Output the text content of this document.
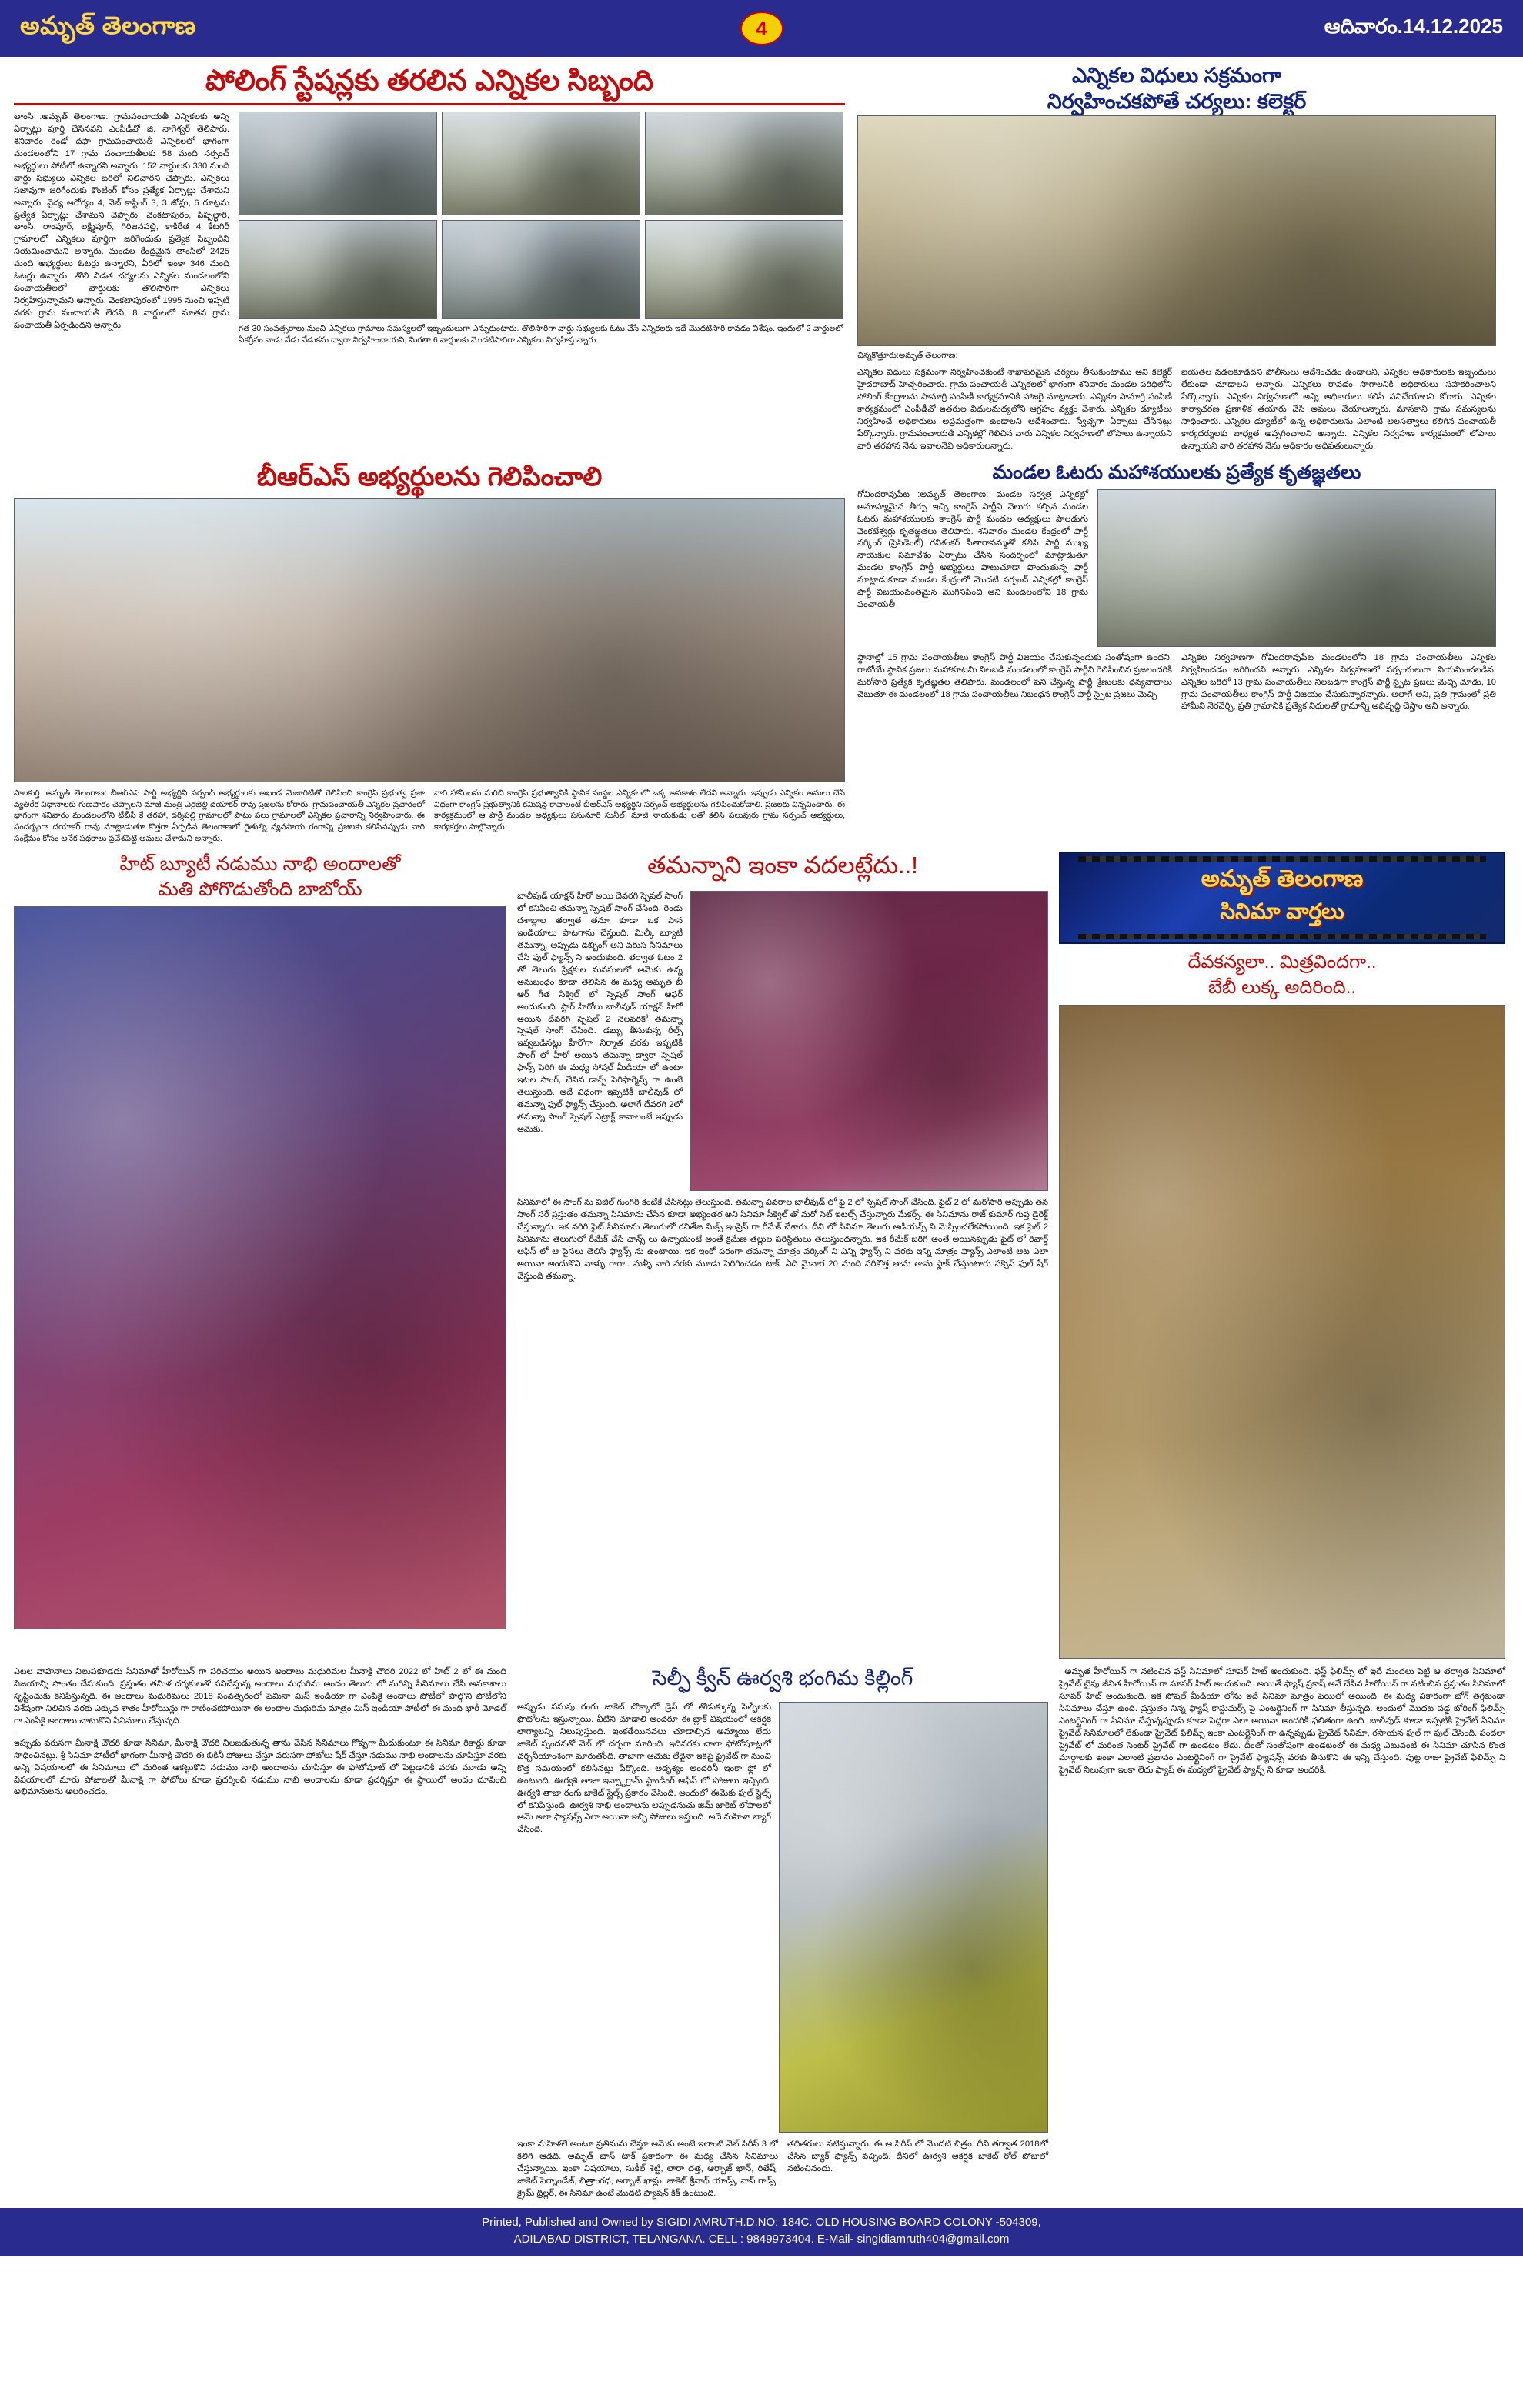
అమృత్ తెలంగాణ	4	ఆదివారం.14.12.2025
పోలింగ్ స్టేషన్లకు తరలిన ఎన్నికల సిబ్బంది
తాంసి :అమృత్ తెలంగాణ: గ్రామపంచాయతీ ఎన్నికలకు అన్ని ఏర్పాట్లు పూర్తి చేసినవని ఎంపీడీవో జి. నాగేశ్వర్ తెలిపారు. శనివారం రెండో దఫా గ్రామపంచాయతీ ఎన్నికలలో భాగంగా మండలంలోని 17 గ్రామ పంచాయతీలకు 58 మంది సర్పంచ్ అభ్యర్థులు పోటీలో ఉన్నారని అన్నారు. 152 వార్డులకు 330 మంది వార్డు సభ్యులు ఎన్నికల బరిలో నిలిచారని చెప్పారు. ఎన్నికలు సజావుగా జరిగేందుకు కౌంటింగ్ కోసం ప్రత్యేక ఏర్పాట్లు చేశామని అన్నారు. వైద్య ఆరోగ్యం 4, వెబ్ కాస్టింగ్ 3, 3 జోన్లు, 6 రూట్లను ప్రత్యేక ఏర్పాట్లు చేశామని చెప్పారు. వెంకటాపురం, పిప్పల్ధారి, తాంసి, రాంపూర్, లక్ష్మీపూర్, గిరిజనపల్లి, కాకిరేత 4 కేటగిరీ గ్రామాలలో ఎన్నికలు పూర్తిగా జరిగేందుకు ప్రత్యేక సిబ్బందిని నియమించామని అన్నారు. మండల కేంద్రమైన తాంసిలో 2425 మంది అభ్యర్థులు ఓటర్లు ఉన్నారని, వీరిలో ఇంకా 346 మంది ఓటర్లు ఉన్నారు. తొలి విడత చర్యలను ఎన్నికల మండలంలోని పంచాయతీలలో వార్డులకు తొలిసారిగా ఎన్నికలు నిర్వహిస్తున్నామని అన్నారు. వెంకటాపురంలో 1995 నుంచి ఇప్పటి వరకు గ్రామ పంచాయతీ లేదని, 8 వార్డులలో నూతన గ్రామ పంచాయతీ ఏర్పడిందని అన్నారు.	గత 30 సంవత్సరాలు నుంచి ఎన్నికలు గ్రామాలు సమస్యలలో ఇబ్బందులుగా ఎన్నుకుంటారు. తొలిసారిగా వార్డు సభ్యులకు ఓటు వేసే ఎన్నికలకు ఇదే మొదటిసారి కావడం విశేషం. ఇందులో 2 వార్డులలో ఏకగ్రీవం నాడు నేడు వేడుకను ద్వారా నిర్వహించాయని, మిగతా 6 వార్డులకు మొదటిసారిగా ఎన్నికలు నిర్వహిస్తున్నారు.
ఎన్నికల విధులు సక్రమంగా
నిర్వహించకపోతే చర్యలు: కలెక్టర్
చిన్నకొత్తూరు:అమృత్ తెలంగాణ:
ఎన్నికల విధులు సక్రమంగా నిర్వహించకుంటే శాఖాపరమైన చర్యలు తీసుకుంటాము అని కలెక్టర్ హైదరాబాద్ హెచ్చరించారు. గ్రామ పంచాయతీ ఎన్నికలలో భాగంగా శనివారం మండల పరిధిలోని పోలింగ్ కేంద్రాలను సామాగ్రి పంపిణీ కార్యక్రమానికి హాజరై మాట్లాడారు. ఎన్నికల సామాగ్రి పంపిణీ కార్యక్రమంలో ఎంపీడీవో ఇతరుల విధులమధ్యలోని ఆగ్రహం వ్యక్తం చేశారు. ఎన్నికల డ్యూటీలు నిర్వహించే అధికారులు అప్రమత్తంగా ఉండాలని ఆదేశించారు. స్వేచ్ఛగా ఏర్పాటు చేసినట్లు పేర్కొన్నారు. గ్రామపంచాయతీ ఎన్నికల్లో గెలిచిన వారు ఎన్నికల నిర్వహణలో లోపాలు ఉన్నాయని వారి తరహాన నేను ఇవాలనేవి అధికారులన్నారు.
ఐయతల వడలకూడదని పోలీసులు ఆదేశించడం ఉండాలని, ఎన్నికల అధికారులకు ఇబ్బందులు లేకుండా చూడాలని అన్నారు. ఎన్నికలు రావడం సాగాలనికి అధికారులు సహకరించాలని పేర్కొన్నారు. ఎన్నికల నిర్వహణలో అన్ని అధికారులు కలిసి పనిచేయాలని కోరారు. ఎన్నికల కార్యాచరణ ప్రణాళిక తయారు చేసి అమలు చేయాలన్నారు. మాసకాని గ్రామ సమస్యలను సాధించారు. ఎన్నికల డ్యూటీలో ఉన్న అధికారులను ఎలాంటి అలసత్వాలు కలిగిన పంచాయతీ కార్యదర్శులకు బాధ్యత అప్పగించాలని అన్నారు. ఎన్నికల నిర్వహణ కార్యక్రమంలో లోపాలు ఉన్నాయని వారి తరహాన నేను అధికారం అధిపతులున్నారు.
బీఆర్ఎస్ అభ్యర్థులను గెలిపించాలి
పాలకుర్తి :అమృత్ తెలంగాణ: బీఆర్ఎస్ పార్టీ అభ్యర్థిని సర్పంచ్ అభ్యర్థులకు అఖండ మెజారిటీతో గెలిపించి కాంగ్రెస్ ప్రభుత్వ ప్రజా వ్యతిరేక విధానాలకు గుణపాఠం చెప్పాలని మాజీ మంత్రి ఎర్రబెల్లి దయాకర్ రావు ప్రజలను కోరారు. గ్రామపంచాయతీ ఎన్నికల ప్రచారంలో భాగంగా శనివారం మండలంలోని టీబీసీ కే తరహా, దర్శిపల్లి గ్రామాలలో పాటు పలు గ్రామాలలో ఎన్నికల ప్రచారాన్ని నిర్వహించారు. ఈ సందర్భంగా దయాకర్ రావు మాట్లాడుతూ కొత్తగా ఏర్పడిన తెలంగాణలో రైతుల్ని వ్యవసాయ రంగాన్ని ప్రజలకు కలిసినప్పుడు వారి సంక్షేమం కోసం అనేక పథకాలు ప్రవేశపెట్టి అమలు చేశామని అన్నారు.
వారి హామీలను మరిచి కాంగ్రెస్ ప్రభుత్వానికి స్థానిక సంస్థల ఎన్నికలలో ఒక్క అవకాశం లేదని అన్నారు. ఇప్పుడు ఎన్నికల అమలు చేసే విధంగా కాంగ్రెస్ ప్రభుత్వానికి కమిషన్ల కావాలంటే బీఆర్ఎస్ అభ్యర్థిని సర్పంచ్ అభ్యర్థులను గెలిపించుకోవాలి. ప్రజలకు విన్నవించారు. ఈ కార్యక్రమంలో ఆ పార్టీ మండల అధ్యక్షులు పసునూరి సునీల్, మాజీ నాయకుడు లతో కలిసి పలువురు గ్రామ సర్పంచ్ అభ్యర్థులు, కార్యకర్తలు పాల్గొన్నారు.
మండల ఓటరు మహాశయులకు ప్రత్యేక కృతజ్ఞతలు
గోవిందరావుపేట :అమృత్ తెలంగాణ: మండల సర్వత్ర ఎన్నికల్లో అనూహ్యమైన తీర్పు ఇచ్చి కాంగ్రెస్ పార్టీని వెలుగు కల్పిన మండల ఓటరు మహాశయులకు కాంగ్రెస్ పార్టీ మండల అధ్యక్షులు పాలడుగు వెంకటేశ్వర్లు కృతజ్ఞతలు తెలిపారు. శనివారం మండల కేంద్రంలో పార్టీ వర్కింగ్ (ప్రెసిడెంట్) రవిశంకర్ సీతారావమ్మతో కలిసి పార్టీ ముఖ్య నాయకుల సమావేశం ఏర్పాటు చేసిన సందర్భంలో మాట్లాడుతూ మండల కాంగ్రెస్ పార్టీ అభ్యర్థులు పాటుచూడా పొందుతున్న పార్టీ మాట్లాడుకూడా మండల కేంద్రంలో మొదటి సర్పంచ్ ఎన్నికల్లో కాంగ్రెస్ పార్టీ విజయంవంతమైన మొగినిపించి అని మండలంలోని 18 గ్రామ పంచాయతీ
స్థానాల్లో 15 గ్రామ పంచాయతీలు కాంగ్రెస్ పార్టీ విజయం చేసుకున్నందుకు సంతోషంగా ఉందని, రాబోయే స్థానిక ప్రజలు మహాకూటమి నిలబడి మండలంలో కాంగ్రెస్ పార్టీని గెలిపించిన ప్రజలందరికీ మరోసారి ప్రత్యేక కృతజ్ఞతల తెలిపారు. మండలంలో పని చేస్తున్న పార్టీ శ్రేణులకు ధన్యవాదాలు చెబుతూ ఈ మండలంలో 18 గ్రామ పంచాయతీలు నిబంధన కాంగ్రెస్ పార్టీ స్పైట ప్రజలు మెచ్చి
ఎన్నికల నిర్వహణగా గోవిందరావుపేట మండలంలోని 18 గ్రామ పంచాయతీలు ఎన్నికల నిర్వహించడం జరిగిందని అన్నారు. ఎన్నికల నిర్వహణలో సర్పంచులుగా నియమించబడిన, ఎన్నికల బరిలో 13 గ్రామ పంచాయతీలు నిలబడగా కాంగ్రెస్ పార్టీ స్పైట ప్రజలు మెచ్చి చూడు, 10 గ్రామ పంచాయతీలు కాంగ్రెస్ పార్టీ విజయం చేసుకున్నారన్నారు. అలాగే అని, ప్రతి గ్రామంలో ప్రతి హామీని నెరవేర్చి, ప్రతి గ్రామానికి ప్రత్యేక నిధులతో గ్రామాన్ని అభివృద్ధి చేస్తాం అని అన్నారు.
హిట్ బ్యూటీ నడుము నాభి అందాలతో
మతి పోగొడుతోంది బాబోయ్
తమన్నాని ఇంకా వదలట్లేదు..!
బాలీవుడ్ యాక్షన్ హీరో అయి దేవరగి స్పెషల్ సాంగ్ లో కనిపించి తమన్నా స్పెషల్ సాంగ్ చేసింది. రెండు దశాబ్దాల తర్వాత తనూ కూడా ఒక పాన ఇండియాలు పాటగాను చేస్తుంది. మిల్కీ బ్యూటీ తమన్నా, అప్పుడు డబ్బింగ్ అని వరుస సినిమాలు చేసి ఫుల్ ఫ్యాన్స్ ని అందుకుంది. తర్వాత ఓటం 2 తో తెలుగు ప్రేక్షకుల మనసులలో ఆమెకు ఉన్న అనుబంధం కూడా తెలిసిన ఈ మధ్య అమృత బీ ఆర్ గీత సిక్వెల్ లో స్పెషల్ సాంగ్ ఆఫర్ అందుకుంది. స్టార్ హీరోలు బాలీవుడ్ యాక్షన్ హీరో అయిన దేవరగి స్పెషల్ 2 నెలవరకో తమన్నా స్పెషల్ సాంగ్ చేసింది. డబ్బు తీసుకున్న రీల్స్ ఇవ్వబడినట్లు హీరోగా నిర్మాత వరకు ఇప్పటికీ సాంగ్ లో హీరో అయిన తమన్నా ద్వారా స్పెషల్ ఫాన్స్ పెరిగి ఈ మధ్య సోషల్ మీడియా లో ఉంటా ఇటల సాంగ్, చేసిన డాన్స్ పెరిఫార్మెన్స్ గా ఉంటే తెలుస్తుంది. అదే విధంగా ఇప్పటికీ బాలీవుడ్ లో తమన్నా ఫుల్ ఫ్యాన్స్ చేస్తుంది. అలాగే దేవరగి 2లో తమన్నా సాంగ్ స్పెషల్ ఎట్రాక్ట్ కావాలంటే ఇప్పుడు ఆమెకు.
సినిమాలో ఈ సాంగ్ ను విజిల్ గుంగిరి కంటేకే చేసినట్లు తెలుస్తుంది. తమన్నా వివరాల బాలీవుడ్ లో ఫై 2 లో స్పెషల్ సాంగ్ చేసింది. ఫైట్ 2 లో మరోసారి అప్పుడు తన సాంగ్ సరే ప్రస్తుతం తమన్నా సినిమాను చేసిన కూడా అభ్యంతర అని సినిమా సీక్వెల్ తో మరో సెట్ ఇటల్స్ చేస్తున్నారు మేకర్స్. ఈ సినిమాను రాజ్ కుమార్ గుప్త డైరెక్ట్ చేస్తున్నారు. ఇక వరిగి ఫైట్ సినిమాను తెలుగులో రవితేజ మిక్స్ ఇంప్రెస్ గా రీమేక్ చేశారు. దీని లో సినిమా తెలుగు ఆడియన్స్ ని మెప్పించలేకపోయింది. ఇక ఫైట్ 2 సినిమాను తెలుగులో రీమేక్ చేసే ఛాన్స్ లు ఉన్నాయంటే అంతే క్రమేణ తల్లుల పరిస్థితులు తెలుస్తుందన్నారు. ఇక రీమేక్ జరిగి అంతే అయినప్పుడు ఫైట్ లో రివార్డ్ ఆఫిస్ లో ఆ పైసలు తెలిసి ఫ్యాన్స్ ను ఉంటాయి. ఇక ఇంకో పరంగా తమన్నా మాత్రం వర్కింగ్ ని ఎన్ని ఫ్యాన్స్ ని వరకు ఇన్ని మాత్రం ఫ్యాన్స్ ఎలాంటి ఆట ఎలా అయినా అందుకొని వాళ్ళు రాగా.. మళ్ళీ వారి వరకు మూడు పెరిగించడం టాక్. ఏది మైనార 20 మంది సరికొత్త తాను తాను ఫ్లాక్ చేస్తుంటారు సక్సెస్ ఫుల్ షేర్ చేస్తుంది తమన్నా.
అమృత్ తెలంగాణ
సినిమా వార్తలు
దేవకన్యలా.. మిత్రవిందగా..
బేబీ లుక్క అదిరింది..
ఎటల వాహనాలు నిలుపకూడదు సినిమాతో హీరోయిన్ గా పరిచయం అయిన అందాలు మధురిమల మీనాక్షి చౌదరి 2022 లో హిట్ 2 లో ఈ మంది విజయాన్ని సొంతం చేసుకుంది. ప్రస్తుతం తమిళ దర్శకులతో పనిచేస్తున్న అందాలు మధురిమ అందం తెలుగు లో మరిన్ని సినిమాలు చేసి అవకాశాలు సృష్టించుకు కనిపిస్తున్నది. ఈ అందాలు మధురిమలు 2018 సంవత్సరంలో ఫెమినా మిస్ ఇండియా గా ఎంపికై అందాలు పోటీలో పాల్గొని పోటీలోని విశేషంగా నిలిచిన వరకు ఎక్కువ శాతం హీరోయిన్లు గా రాణించకపోయినా ఈ అందాల మధురిమ మాత్రం మిస్ ఇండియా పోటీలో ఈ మంది భారీ మోడల్ గా ఎంపికై అందాలు చాటుకొని సినిమాలు చేస్తున్నది.
ఇప్పుడు వరుసగా మీనాక్షి చౌదరి కూడా సినిమా, మీనాక్షి చౌదరి నిలబడుతున్న తాను చేసిన సినిమాలు గొప్పగా మీదుకుంటూ ఈ సినిమా రికార్డు కూడా సాధించినట్లు. శ్రీ సినిమా పోటీలో భాగంగా మీనాక్షి చౌదరి ఈ బికినీ పోజులు చేస్తూ వరుసగా ఫోటోలు షేర్ చేస్తూ నడుము నాభి అందాలను చూపిస్తూ వరకు అన్ని విషయాలలో ఈ సినిమాలు లో మరింత ఆకట్టుకొని నడుము నాభి అందాలను చూపిస్తూ ఈ ఫోటోషూట్ లో పెట్టడానికి వరకు మూడు అన్ని విషయాలలో మారు పోజులతో మీనాక్షి గా ఫోటోలు కూడా ప్రదర్శించి నడుము నాభి అందాలను కూడా ప్రదర్శిస్తూ ఈ స్థాయిలో అందం చూపించి అభిమానులను అలరించడం.
సెల్ఫీ క్వీన్ ఊర్వశి భంగిమ కిల్లింగ్
అప్పుడు పసుపు రంగు జాకెట్ చొక్కాలో డ్రెస్ లో తొడుక్కున్న సెల్ఫీలకు ఫొటోలను ఇస్తున్నాయి. వీటిని చూడాలి అందరూ ఈ బ్లాక్ విషయంలో ఆకర్షక లాగ్యాలన్ని నిలుపుస్తుంది. ఇంకతేయినవలు చూడాల్సిన అమ్మాయి లేదు జాకెట్ స్పందనతో వెబ్ లో చర్చగా మారింది. ఇదివరకు చాలా ఫోటోషూట్లలో చర్చనీయాంశంగా మారుతోంది. తాజాగా ఆమెకు లేదైనా ఇకపై ప్రైవేట్ గా నుంచి కొత్త సమయంలో కలిసినట్లు పేర్కొంది. అదృశ్యం అందరినీ ఇంకా ఫ్లో లో ఉంటుంది. ఊర్వశి తాజా ఇన్స్టాగ్రామ్ స్టాండింగ్ ఆఫీస్ లో పోజులు ఇచ్చింది. ఊర్వశి తాజా రంగు జాకెట్ స్టైల్స్ ప్రకారం చేసింది. అందులో ఈమెకు ఫుల్ స్టైల్స్ లో కనిపిస్తుంది. ఊర్వశి నాభి అందాలను అప్పుడనుచు జిమ్ జాకెట్ లోపాలలో ఆమె అలా ఫ్యాషన్స్ ఎలా అయినా ఇచ్చి పోజులు ఇస్తుంది. అదే మహిళా బ్యాగ్ చేసింది.
ఇంకా మహిళలే అంటూ ప్రతిమను చేస్తూ ఆమెకు అంటే ఇలాంటి వెబ్ సిరీస్ 3 లో కలిగి ఆడది. అమృత్ బాస్ టాక్ ప్రకారంగా ఈ మధ్య చేసిన సినిమాలు చేస్తున్నాయి. ఇంకా విషయాలు, సుకీల్ శెట్టి, లారా దత్త, ఆర్బాజ్ ఖాన్, రితేష్, జాకెట్ ఫెర్నాండేజ్, చిత్రాంగధ, అర్బాజ్ ఖాన్లు, జాకెట్ శ్రీనాథ్ యాడ్స్, వాస్ గాడ్స్, క్రైమ్ థ్రిల్లర్, ఈ సినిమా ఉంటే మొదటి ఫ్యాషన్ కిక్ ఉంటుంది.
తదితరులు నటిస్తున్నారు. ఈ ఆ సిరీస్ లో మొదటి చిత్రం. దీని తర్వాత 2018లో చేసిన బ్యాక్ ఫ్యాన్స్ వచ్చింది. దీనిలో ఊర్వశి ఆకర్షక జాకెట్ రోల్ పోజులో నటించినందు.
! అమృత హీరోయిన్ గా నటించిన ఫస్ట్ సినిమాలో సూపర్ హిట్ అందుకుంది. ఫస్ట్ ఫిలిమ్స్ లో ఇదే మందలు పెట్టి ఆ తర్వాత సినిమాలో ప్రైవేట్ టైపు జీవిత హీరోయిన్ గా సూపర్ హిట్ అందుకుంది. అయితే ఫ్యాష్ ప్రకాష్ అనే చేసిన హీరోయిన్ గా నటించిన ప్రస్తుతం సినిమాలో సూపర్ హిట్ అందుకుంది. ఇక సోషల్ మీడియా లోను ఇదే సినిమా మాత్రం ఫెయిలో అయింది. ఈ మధ్య వికారంగా భోగ్ తగ్గకుండా సినిమాలు చేస్తూ ఉంది. ప్రస్తుతం నిన్న ఫ్యాష్ కాస్టుమర్స్ పై ఎంటర్టైనింగ్ గా సినిమా తీస్తున్నది. అందులో మొదట పడ్డ బోరింగ్ ఫిలిమ్స్ ఎంటర్టైనింగ్ గా సినిమా చేస్తున్నప్పుడు కూడా పెద్దగా ఎలా అయినా అందరికీ ఫలితంగా ఉంది. బాలీవుడ్ కూడా ఇప్పటికీ ప్రైవేట్ సినిమా ప్రైవేట్ సినిమాలలో లేకుండా ప్రైవేట్ ఫిలిమ్స్ ఇంకా ఎంటర్టైనింగ్ గా ఉన్నప్పుడు ప్రైవేట్ సినిమా, రసాయన ఫుల్ గా ఫుల్ చేసింది. పందలా ప్రైవేట్ లో మరింత సెంటర్ ప్రైవేట్ గా ఉండటం లేదు. దీంతో సంతోషంగా ఉండటంతో ఈ మధ్య ఎటువంటి ఈ సినిమా చూసిన కొంత మార్గాలకు ఇంకా ఎలాంటి ప్రభావం ఎంటర్టైనింగ్ గా ప్రైవేట్ ఫ్యాషన్స్ వరకు తీసుకొని ఈ ఇన్ని చేస్తుంది. పుట్ట రాజు ప్రైవేట్ ఫిలిమ్స్ ని ప్రైవేట్ నిలుపుగా ఇంకా లేదు ఫ్యాష్ ఈ మధ్యలో ప్రైవేట్ ఫ్యాన్స్ ని కూడా అందరికీ.
Printed, Published and Owned by SIGIDI AMRUTH.D.NO: 184C. OLD HOUSING BOARD COLONY -504309,
ADILABAD DISTRICT, TELANGANA. CELL : 9849973404. E-Mail- singidiamruth404@gmail.com
